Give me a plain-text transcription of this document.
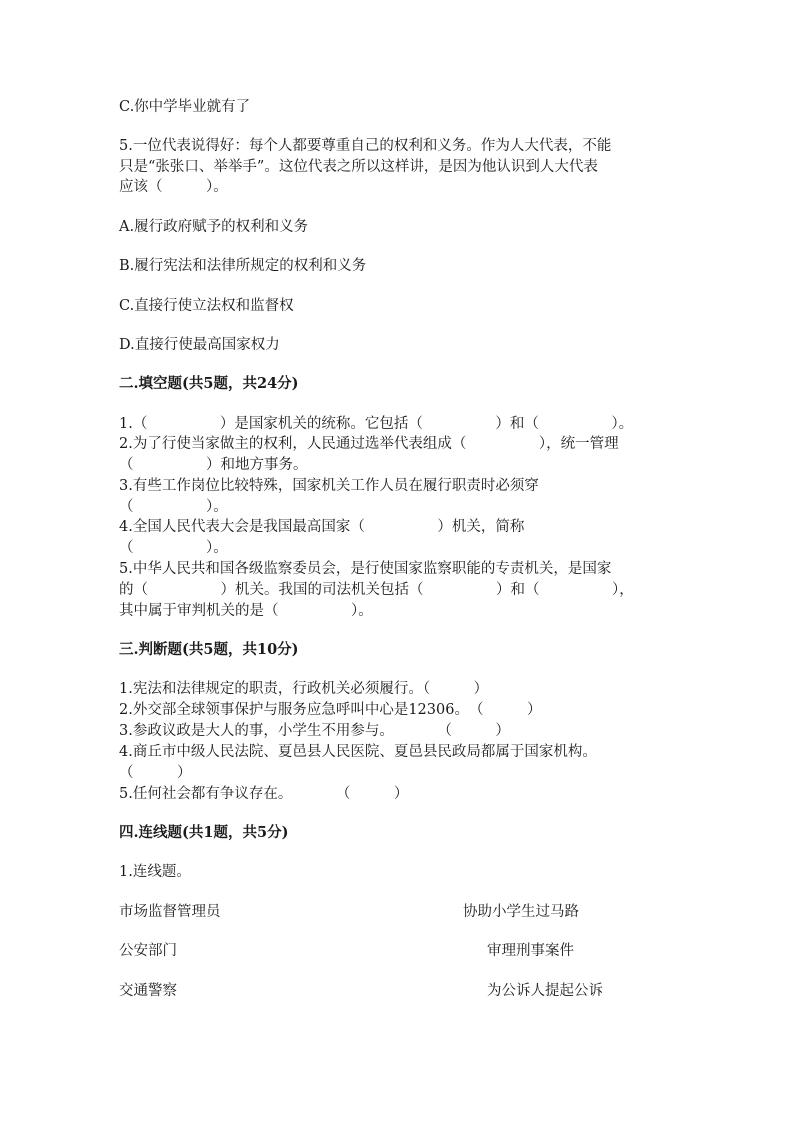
C.你中学毕业就有了
5.一位代表说得好：每个人都要尊重自己的权利和义务。作为人大代表，不能
只是“张张口、举举手”。这位代表之所以这样讲，是因为他认识到人大代表
应该（　　　）。
A.履行政府赋予的权利和义务
B.履行宪法和法律所规定的权利和义务
C.直接行使立法权和监督权
D.直接行使最高国家权力
二.填空题(共5题，共24分)
1.（　　　　　）是国家机关的统称。它包括（　　　　　）和（　　　　　）。
2.为了行使当家做主的权利，人民通过选举代表组成（　　　　　），统一管理
（　　　　　）和地方事务。
3.有些工作岗位比较特殊，国家机关工作人员在履行职责时必须穿
（　　　　　）。
4.全国人民代表大会是我国最高国家（　　　　　）机关，简称
（　　　　　）。
5.中华人民共和国各级监察委员会，是行使国家监察职能的专责机关，是国家
的（　　　　　）机关。我国的司法机关包括（　　　　　）和（　　　　　），
其中属于审判机关的是（　　　　　）。
三.判断题(共5题，共10分)
1.宪法和法律规定的职责，行政机关必须履行。（　　　）
2.外交部全球领事保护与服务应急呼叫中心是12306。　（　　　）
3.参政议政是大人的事，小学生不用参与。　　　　（　　　）
4.商丘市中级人民法院、夏邑县人民医院、夏邑县民政局都属于国家机构。
（　　　）
5.任何社会都有争议存在。　　　　（　　　）
四.连线题(共1题，共5分)
1.连线题。
市场监督管理员	协助小学生过马路
公安部门	审理刑事案件
交通警察	为公诉人提起公诉
